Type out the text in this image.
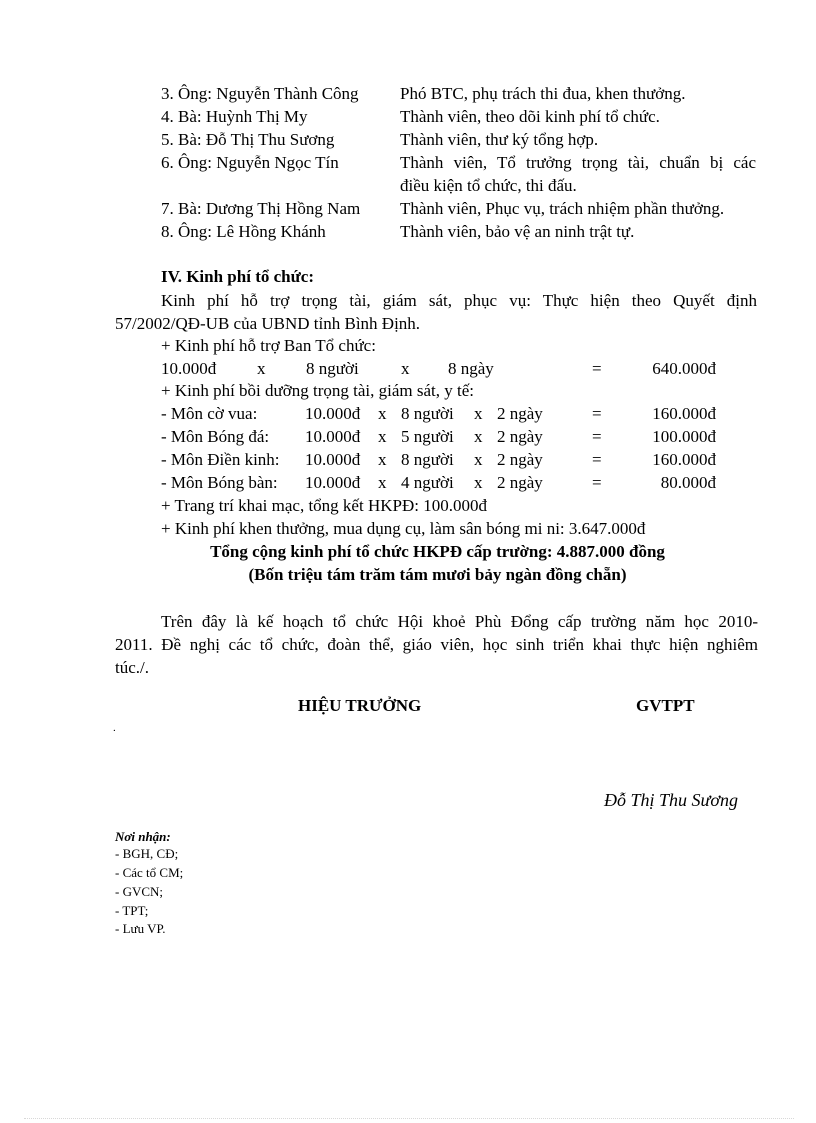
3. Ông: Nguyễn Thành Công Phó BTC, phụ trách thi đua, khen thưởng.
4. Bà: Huỳnh Thị My	Thành viên, theo dõi kinh phí tổ chức.
5. Bà: Đỗ Thị Thu Sương	Thành viên, thư ký tổng hợp.
6. Ông: Nguyễn Ngọc Tín	Thành viên, Tổ trưởng trọng tài, chuẩn bị các
điều kiện tổ chức, thi đấu.
7. Bà: Dương Thị Hồng Nam Thành viên, Phục vụ, trách nhiệm phần thưởng.
8. Ông: Lê Hồng Khánh	Thành viên, bảo vệ an ninh trật tự.
IV. Kinh phí tổ chức:
Kinh phí hỗ trợ trọng tài, giám sát, phục vụ: Thực hiện theo Quyết định
57/2002/QĐ-UB của UBND tỉnh Bình Định.
+ Kinh phí hỗ trợ Ban Tổ chức:
10.000đ x 8 người x 8 ngày	=	640.000đ
+ Kinh phí bồi dưỡng trọng tài, giám sát, y tế:
- Môn cờ vua:	10.000đ x 8 người x 2 ngày	=	160.000đ
- Môn Bóng đá: 10.000đ x 5 người x 2 ngày	=	100.000đ
- Môn Điền kinh: 10.000đ x 8 người x 2 ngày	=	160.000đ
- Môn Bóng bàn: 10.000đ x 4 người x 2 ngày	=	80.000đ
+ Trang trí khai mạc, tổng kết HKPĐ: 100.000đ
+ Kinh phí khen thưởng, mua dụng cụ, làm sân bóng mi ni: 3.647.000đ
Tổng cộng kinh phí tổ chức HKPĐ cấp trường: 4.887.000 đồng
(Bốn triệu tám trăm tám mươi bảy ngàn đồng chẵn)
Trên đây là kế hoạch tổ chức Hội khoẻ Phù Đổng cấp trường năm học 2010-
2011. Đề nghị các tổ chức, đoàn thể, giáo viên, học sinh triển khai thực hiện nghiêm
túc./.
HIỆU TRƯỞNG	GVTPT
.
Đỗ Thị Thu Sương
Nơi nhận:
- BGH, CĐ;
- Các tổ CM;
- GVCN;
- TPT;
- Lưu VP.
